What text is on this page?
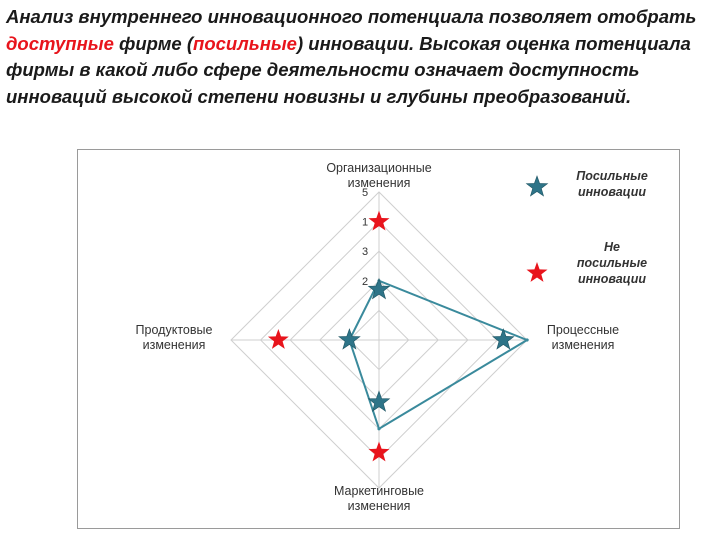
Анализ внутреннего инновационного потенциала позволяет отобрать доступные фирме (посильные) инновации. Высокая оценка потенциала фирмы в какой либо сфере деятельности означает доступность инноваций высокой степени новизны и глубины преобразований.
2
3
1
5
Организационные
изменения
Процессные
изменения
Маркетинговые
изменения
Продуктовые
изменения
Посильные
инновации
Не
посильные
инновации
